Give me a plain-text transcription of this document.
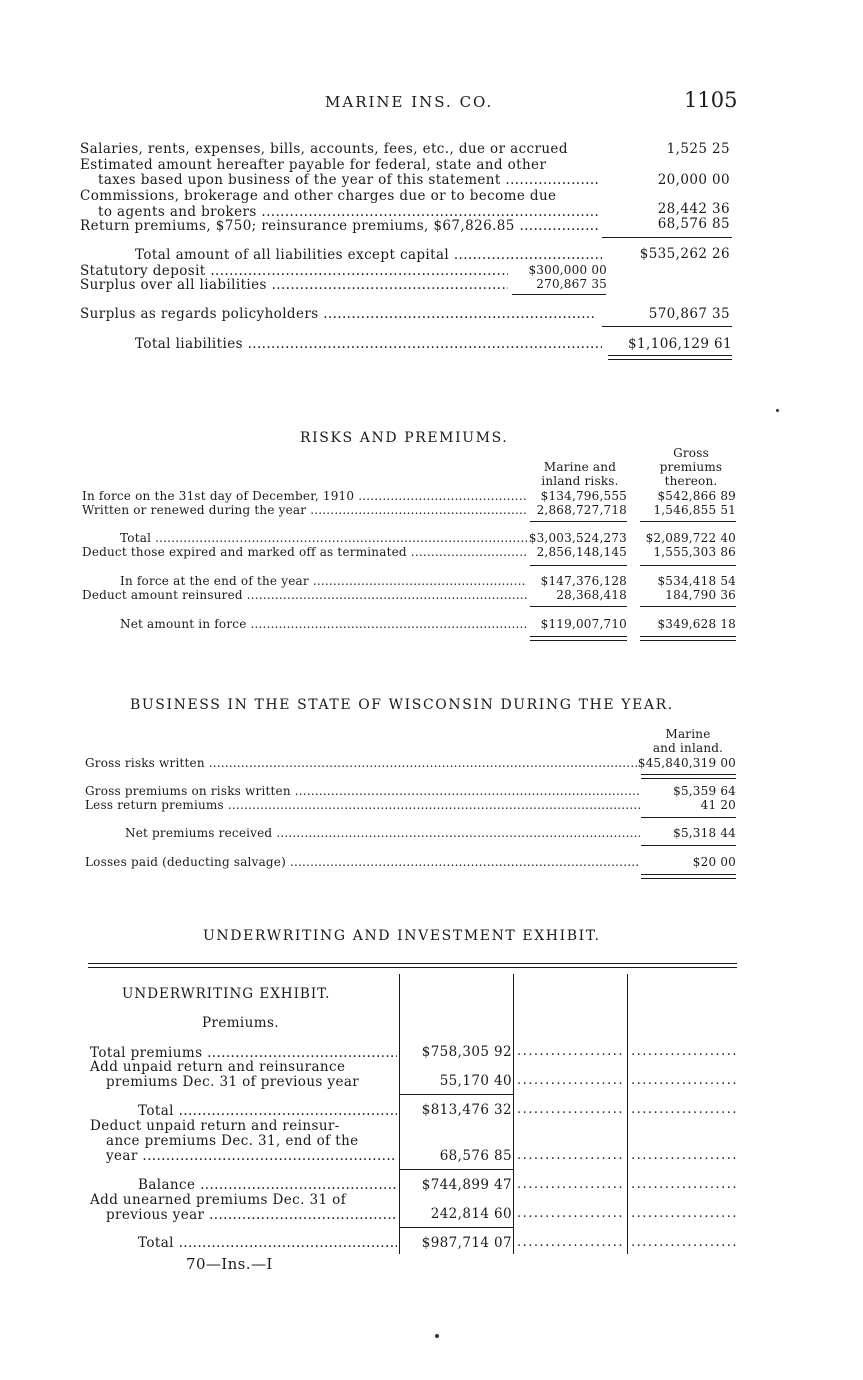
MARINE INS. CO.	1105
Salaries, rents, expenses, bills, accounts, fees, etc., due or accrued	1,525 25
Estimated amount hereafter payable for federal, state and other
taxes based upon business of the year of this statement .....	20,000 00
Commissions, brokerage and other charges due or to become due
to agents and brokers .....	28,442 36
Return premiums, $750; reinsurance premiums, $67,826.85 .....	68,576 85
Total amount of all liabilities except capital .....	$535,262 26
Statutory deposit .....	$300,000 00
Surplus over all liabilities .....	270,867 35
Surplus as regards policyholders .....	570,867 35
Total liabilities .....	$1,106,129 61
RISKS AND PREMIUMS.
Marine and
inland risks.
Gross
premiums
thereon.
In force on the 31st day of December, 1910 .....	$134,796,555	$542,866 89
Written or renewed during the year .....	2,868,727,718	1,546,855 51
Total .....	$3,003,524,273	$2,089,722 40
Deduct those expired and marked off as terminated .....	2,856,148,145	1,555,303 86
In force at the end of the year .....	$147,376,128	$534,418 54
Deduct amount reinsured .....	28,368,418	184,790 36
Net amount in force .....	$119,007,710	$349,628 18
BUSINESS IN THE STATE OF WISCONSIN DURING THE YEAR.
Marine
and inland.
Gross risks written .....	$45,840,319 00
Gross premiums on risks written .....	$5,359 64
Less return premiums .....	41 20
Net premiums received .....	$5,318 44
Losses paid (deducting salvage) .....	$20 00
UNDERWRITING AND INVESTMENT EXHIBIT.
UNDERWRITING EXHIBIT.
Premiums.
Total premiums .....	$758,305 92
.....
.....
Add unpaid return and reinsurance
premiums Dec. 31 of previous year	55,170 40
.....
.....
Total .....	$813,476 32
.....
.....
Deduct unpaid return and reinsur-
ance premiums Dec. 31, end of the
year .....	68,576 85
.....
.....
Balance .....	$744,899 47
.....
.....
Add unearned premiums Dec. 31 of
previous year .....	242,814 60
.....
.....
Total .....	$987,714 07
.....
.....
70—Ins.—I
